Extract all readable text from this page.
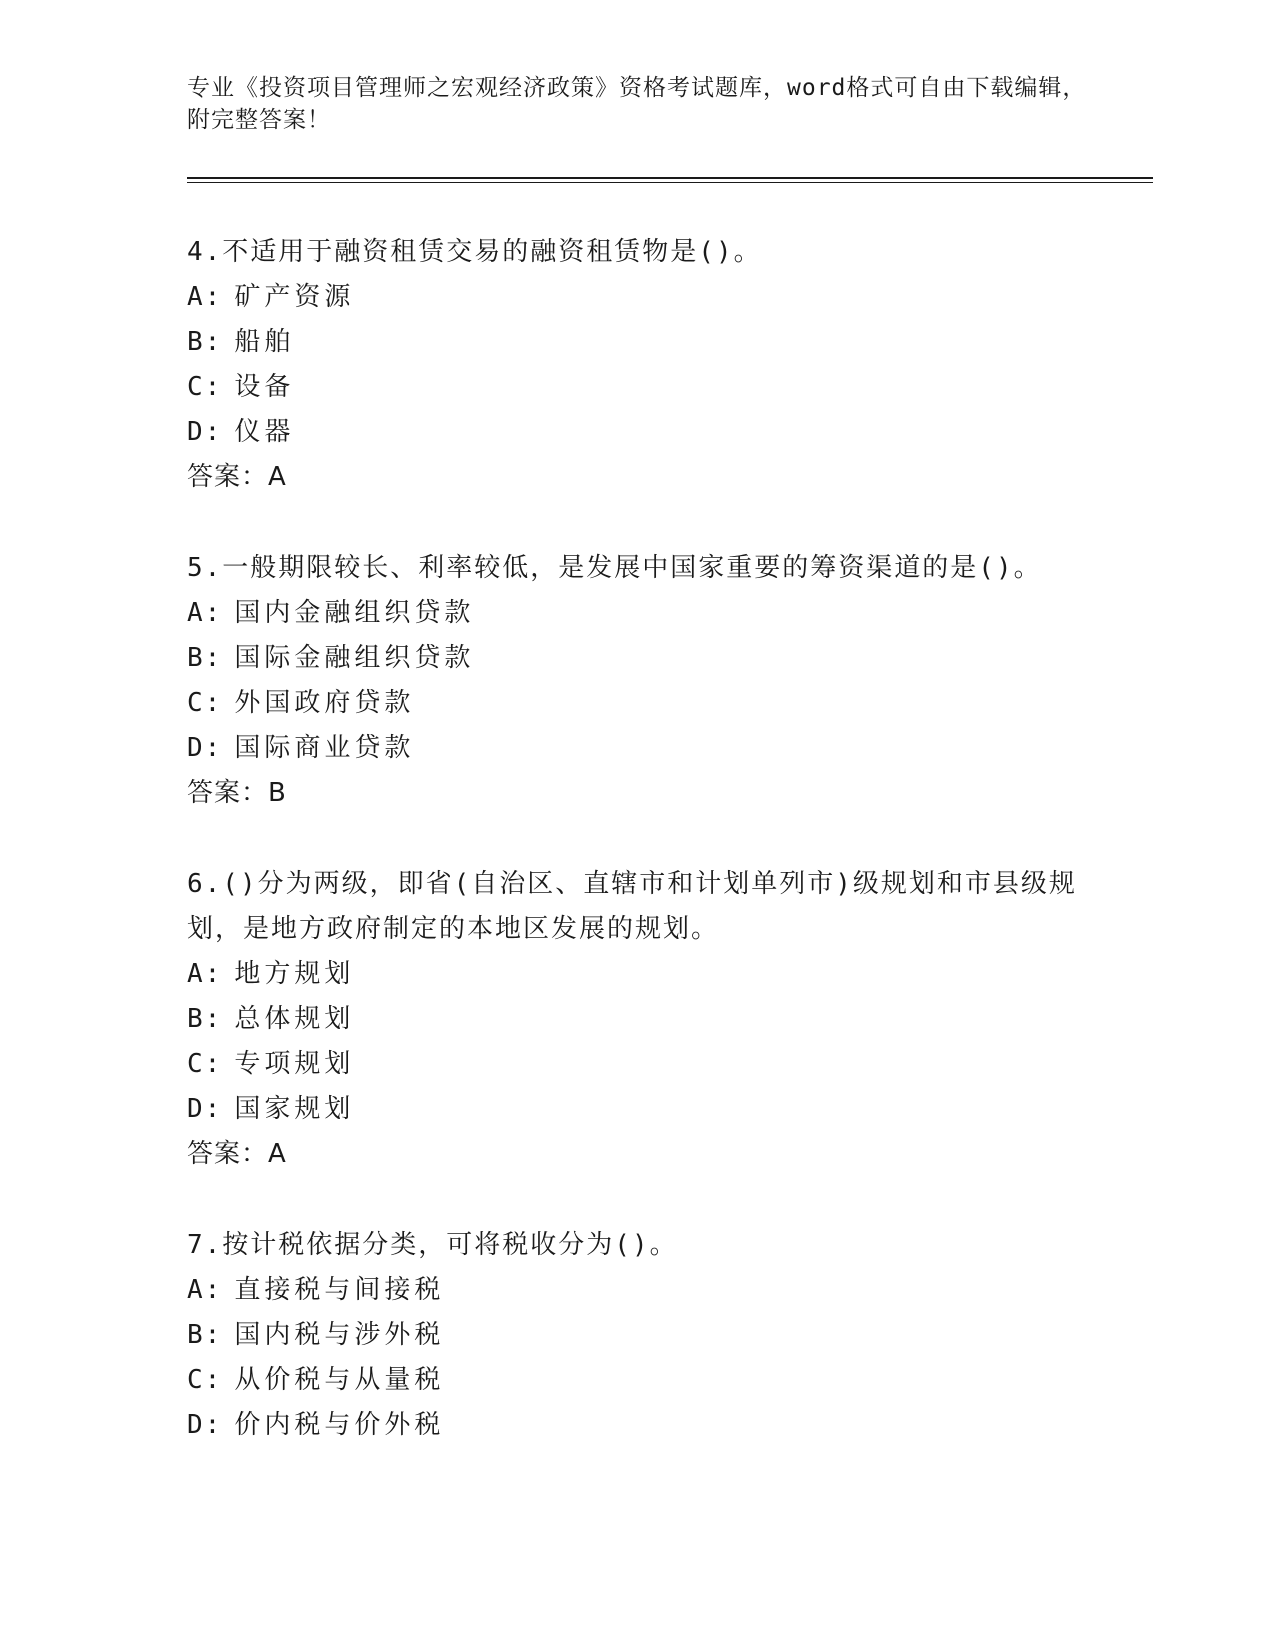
专业《投资项目管理师之宏观经济政策》资格考试题库，word格式可自由下载编辑，附完整答案！
4.不适用于融资租赁交易的融资租赁物是()。
A: 矿产资源
B: 船舶
C: 设备
D: 仪器
答案：A
5.一般期限较长、利率较低，是发展中国家重要的筹资渠道的是()。
A: 国内金融组织贷款
B: 国际金融组织贷款
C: 外国政府贷款
D: 国际商业贷款
答案：B
6.()分为两级，即省(自治区、直辖市和计划单列市)级规划和市县级规划，是地方政府制定的本地区发展的规划。
A: 地方规划
B: 总体规划
C: 专项规划
D: 国家规划
答案：A
7.按计税依据分类，可将税收分为()。
A: 直接税与间接税
B: 国内税与涉外税
C: 从价税与从量税
D: 价内税与价外税
